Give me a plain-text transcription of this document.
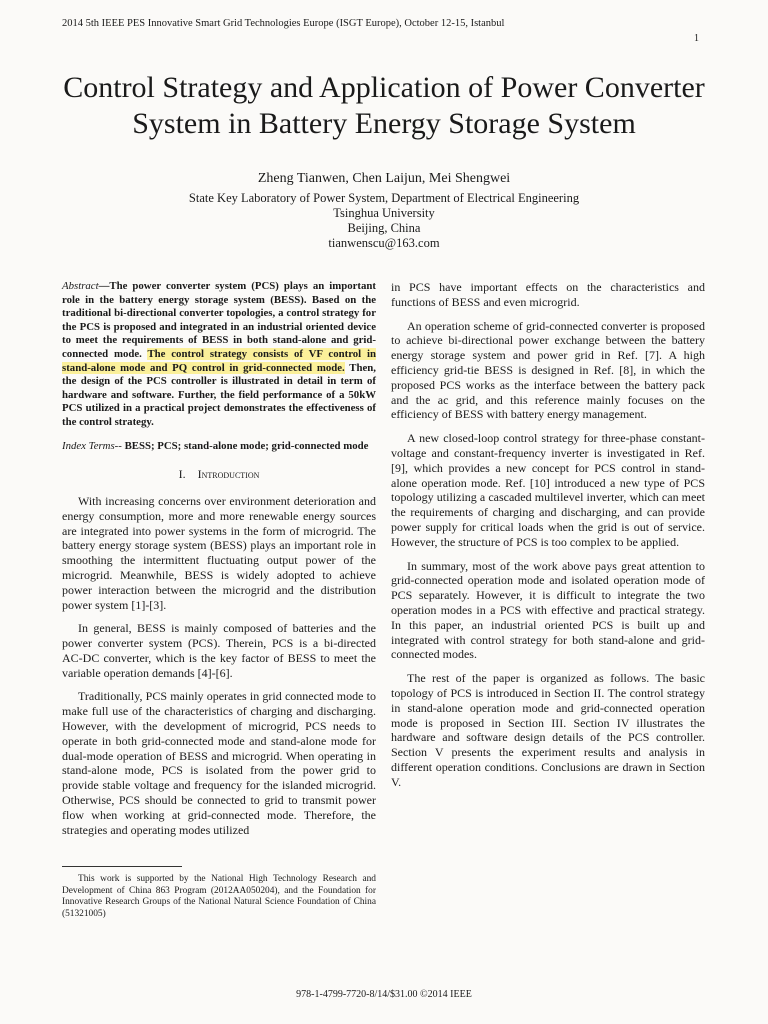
2014 5th IEEE PES Innovative Smart Grid Technologies Europe (ISGT Europe), October 12-15, Istanbul
1
Control Strategy and Application of Power Converter System in Battery Energy Storage System
Zheng Tianwen, Chen Laijun, Mei Shengwei
State Key Laboratory of Power System, Department of Electrical Engineering
Tsinghua University
Beijing, China
tianwenscu@163.com

Abstract—The power converter system (PCS) plays an important role in the battery energy storage system (BESS). Based on the traditional bi-directional converter topologies, a control strategy for the PCS is proposed and integrated in an industrial oriented device to meet the requirements of BESS in both stand-alone and grid-connected mode. The control strategy consists of VF control in stand-alone mode and PQ control in grid-connected mode. Then, the design of the PCS controller is illustrated in detail in term of hardware and software. Further, the field performance of a 50kW PCS utilized in a practical project demonstrates the effectiveness of the control strategy.

Index Terms-- BESS; PCS; stand-alone mode; grid-connected mode

I. Introduction

With increasing concerns over environment deterioration and energy consumption, more and more renewable energy sources are integrated into power systems in the form of microgrid. The battery energy storage system (BESS) plays an important role in smoothing the intermittent fluctuating output power of the microgrid. Meanwhile, BESS is widely adopted to achieve power interaction between the microgrid and the distribution power system [1]-[3].

In general, BESS is mainly composed of batteries and the power converter system (PCS). Therein, PCS is a bi-directed AC-DC converter, which is the key factor of BESS to meet the variable operation demands [4]-[6].

Traditionally, PCS mainly operates in grid connected mode to make full use of the characteristics of charging and discharging. However, with the development of microgrid, PCS needs to operate in both grid-connected mode and stand-alone mode for dual-mode operation of BESS and microgrid. When operating in stand-alone mode, PCS is isolated from the power grid to provide stable voltage and frequency for the islanded microgrid. Otherwise, PCS should be connected to grid to transmit power flow when working at grid-connected mode. Therefore, the strategies and operating modes utilized

in PCS have important effects on the characteristics and functions of BESS and even microgrid.

An operation scheme of grid-connected converter is proposed to achieve bi-directional power exchange between the battery energy storage system and power grid in Ref. [7]. A high efficiency grid-tie BESS is designed in Ref. [8], in which the proposed PCS works as the interface between the battery pack and the ac grid, and this reference mainly focuses on the efficiency of BESS with battery energy management.

A new closed-loop control strategy for three-phase constant-voltage and constant-frequency inverter is investigated in Ref. [9], which provides a new concept for PCS control in stand-alone operation mode. Ref. [10] introduced a new type of PCS topology utilizing a cascaded multilevel inverter, which can meet the requirements of charging and discharging, and can provide power supply for critical loads when the grid is out of service. However, the structure of PCS is too complex to be applied.

In summary, most of the work above pays great attention to grid-connected operation mode and isolated operation mode of PCS separately. However, it is difficult to integrate the two operation modes in a PCS with effective and practical strategy. In this paper, an industrial oriented PCS is built up and integrated with control strategy for both stand-alone and grid-connected modes.

The rest of the paper is organized as follows. The basic topology of PCS is introduced in Section II. The control strategy in stand-alone operation mode and grid-connected operation mode is proposed in Section III. Section IV illustrates the hardware and software design details of the PCS controller. Section V presents the experiment results and analysis in different operation conditions. Conclusions are drawn in Section V.

This work is supported by the National High Technology Research and Development of China 863 Program (2012AA050204), and the Foundation for Innovative Research Groups of the National Natural Science Foundation of China (51321005)
978-1-4799-7720-8/14/$31.00 ©2014 IEEE
